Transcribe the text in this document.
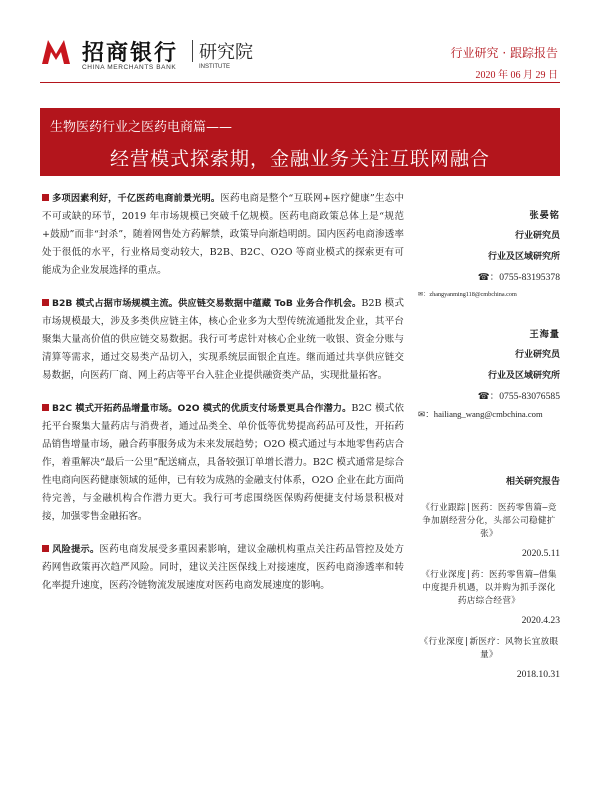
招商银行 研究院
CHINA MERCHANTS BANK	INSTITUTE
行业研究 · 跟踪报告
2020 年 06 月 29 日
生物医药行业之医药电商篇——
经营模式探索期，金融业务关注互联网融合

多项因素利好，千亿医药电商前景光明。医药电商是整个“互联网+医疗健康”生态中不可或缺的环节，2019 年市场规模已突破千亿规模。医药电商政策总体上是“规范+鼓励”而非“封杀”，随着网售处方药解禁，政策导向渐趋明朗。国内医药电商渗透率处于很低的水平，行业格局变动较大，B2B、B2C、O2O 等商业模式的探索更有可能成为企业发展选择的重点。

B2B 模式占据市场规模主流。供应链交易数据中蕴藏 ToB 业务合作机会。B2B 模式市场规模最大，涉及多类供应链主体，核心企业多为大型传统流通批发企业，其平台聚集大量高价值的供应链交易数据。我行可考虑针对核心企业统一收银、资金分账与清算等需求，通过交易类产品切入，实现系统层面银企直连。继而通过共享供应链交易数据，向医药厂商、网上药店等平台入驻企业提供融资类产品，实现批量拓客。

B2C 模式开拓药品增量市场。O2O 模式的优质支付场景更具合作潜力。B2C 模式依托平台聚集大量药店与消费者，通过品类全、单价低等优势提高药品可及性，开拓药品销售增量市场，融合药事服务成为未来发展趋势；O2O 模式通过与本地零售药店合作，着重解决“最后一公里”配送痛点，具备较强订单增长潜力。B2C 模式通常是综合性电商向医药健康领域的延伸，已有较为成熟的金融支付体系，O2O 企业在此方面尚待完善，与金融机构合作潜力更大。我行可考虑围绕医保购药便捷支付场景积极对接，加强零售金融拓客。

风险提示。医药电商发展受多重因素影响，建议金融机构重点关注药品管控及处方药网售政策再次趋严风险。同时，建议关注医保线上对接速度，医药电商渗透率和转化率提升速度，医药冷链物流发展速度对医药电商发展速度的影响。

张晏铭
行业研究员
行业及区域研究所
☎：0755-83195378
✉：zhangyanming118@cmbchina.com
王海量
行业研究员
行业及区域研究所
☎：0755-83076585
✉：hailiang_wang@cmbchina.com
相关研究报告
《行业跟踪|医药：医药零售篇—竞争加剧经营分化，头部公司稳健扩张》
2020.5.11
《行业深度|药：医药零售篇—借集中度提升机遇，以并购为抓手深化药店综合经营》
2020.4.23
《行业深度|新医疗：风物长宜放眼量》
2018.10.31
